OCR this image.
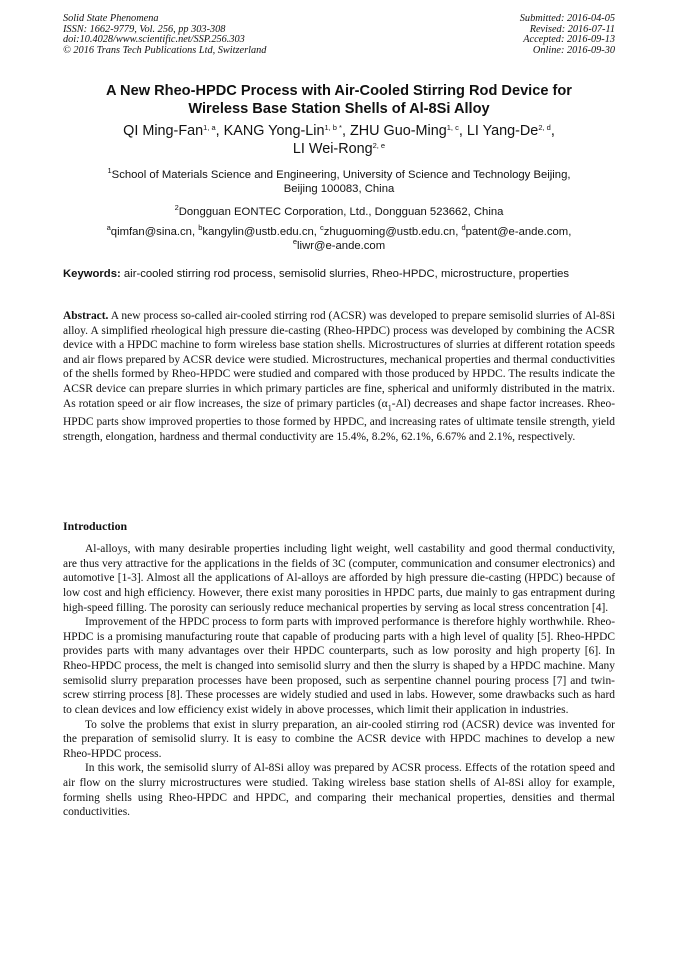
Solid State Phenomena
ISSN: 1662-9779, Vol. 256, pp 303-308
doi:10.4028/www.scientific.net/SSP.256.303
© 2016 Trans Tech Publications Ltd, Switzerland
Submitted: 2016-04-05
Revised: 2016-07-11
Accepted: 2016-09-13
Online: 2016-09-30
A New Rheo-HPDC Process with Air-Cooled Stirring Rod Device for
Wireless Base Station Shells of Al-8Si Alloy
QI Ming-Fan$^{1, a}$, KANG Yong-Lin$^{1, b *}$, ZHU Guo-Ming$^{1, c}$, LI Yang-De$^{2, d}$,
LI Wei-Rong$^{2, e}$
$^1$School of Materials Science and Engineering, University of Science and Technology Beijing,
Beijing 100083, China
$^2$Dongguan EONTEC Corporation, Ltd., Dongguan 523662, China
$^a$qimfan@sina.cn, $^b$kangylin@ustb.edu.cn, $^c$zhuguoming@ustb.edu.cn, $^d$patent@e-ande.com,
$^e$liwr@e-ande.com
Keywords: air-cooled stirring rod process, semisolid slurries, Rheo-HPDC, microstructure, properties
Abstract. A new process so-called air-cooled stirring rod (ACSR) was developed to prepare semisolid slurries of Al-8Si alloy. A simplified rheological high pressure die-casting (Rheo-HPDC) process was developed by combining the ACSR device with a HPDC machine to form wireless base station shells. Microstructures of slurries at different rotation speeds and air flows prepared by ACSR device were studied. Microstructures, mechanical properties and thermal conductivities of the shells formed by Rheo-HPDC were studied and compared with those produced by HPDC. The results indicate the ACSR device can prepare slurries in which primary particles are fine, spherical and uniformly distributed in the matrix. As rotation speed or air flow increases, the size of primary particles $(\alpha_1-Al)$ decreases and shape factor increases. Rheo-HPDC parts show improved properties to those formed by HPDC, and increasing rates of ultimate tensile strength, yield strength, elongation, hardness and thermal conductivity are 15.4%, 8.2%, 62.1%, 6.67% and 2.1%, respectively.
Introduction

Al-alloys, with many desirable properties including light weight, well castability and good thermal conductivity, are thus very attractive for the applications in the fields of 3C (computer, communication and consumer electronics) and automotive [1-3]. Almost all the applications of Al-alloys are afforded by high pressure die-casting (HPDC) because of low cost and high efficiency. However, there exist many porosities in HPDC parts, due mainly to gas entrapment during high-speed filling. The porosity can seriously reduce mechanical properties by serving as local stress concentration [4].

Improvement of the HPDC process to form parts with improved performance is therefore highly worthwhile. Rheo-HPDC is a promising manufacturing route that capable of producing parts with a high level of quality [5]. Rheo-HPDC provides parts with many advantages over their HPDC counterparts, such as low porosity and high property [6]. In Rheo-HPDC process, the melt is changed into semisolid slurry and then the slurry is shaped by a HPDC machine. Many semisolid slurry preparation processes have been proposed, such as serpentine channel pouring process [7] and twin-screw stirring process [8]. These processes are widely studied and used in labs. However, some drawbacks such as hard to clean devices and low efficiency exist widely in above processes, which limit their application in industries.

To solve the problems that exist in slurry preparation, an air-cooled stirring rod (ACSR) device was invented for the preparation of semisolid slurry. It is easy to combine the ACSR device with HPDC machines to develop a new Rheo-HPDC process.

In this work, the semisolid slurry of Al-8Si alloy was prepared by ACSR process. Effects of the rotation speed and air flow on the slurry microstructures were studied. Taking wireless base station shells of Al-8Si alloy for example, forming shells using Rheo-HPDC and HPDC, and comparing their mechanical properties, densities and thermal conductivities.
